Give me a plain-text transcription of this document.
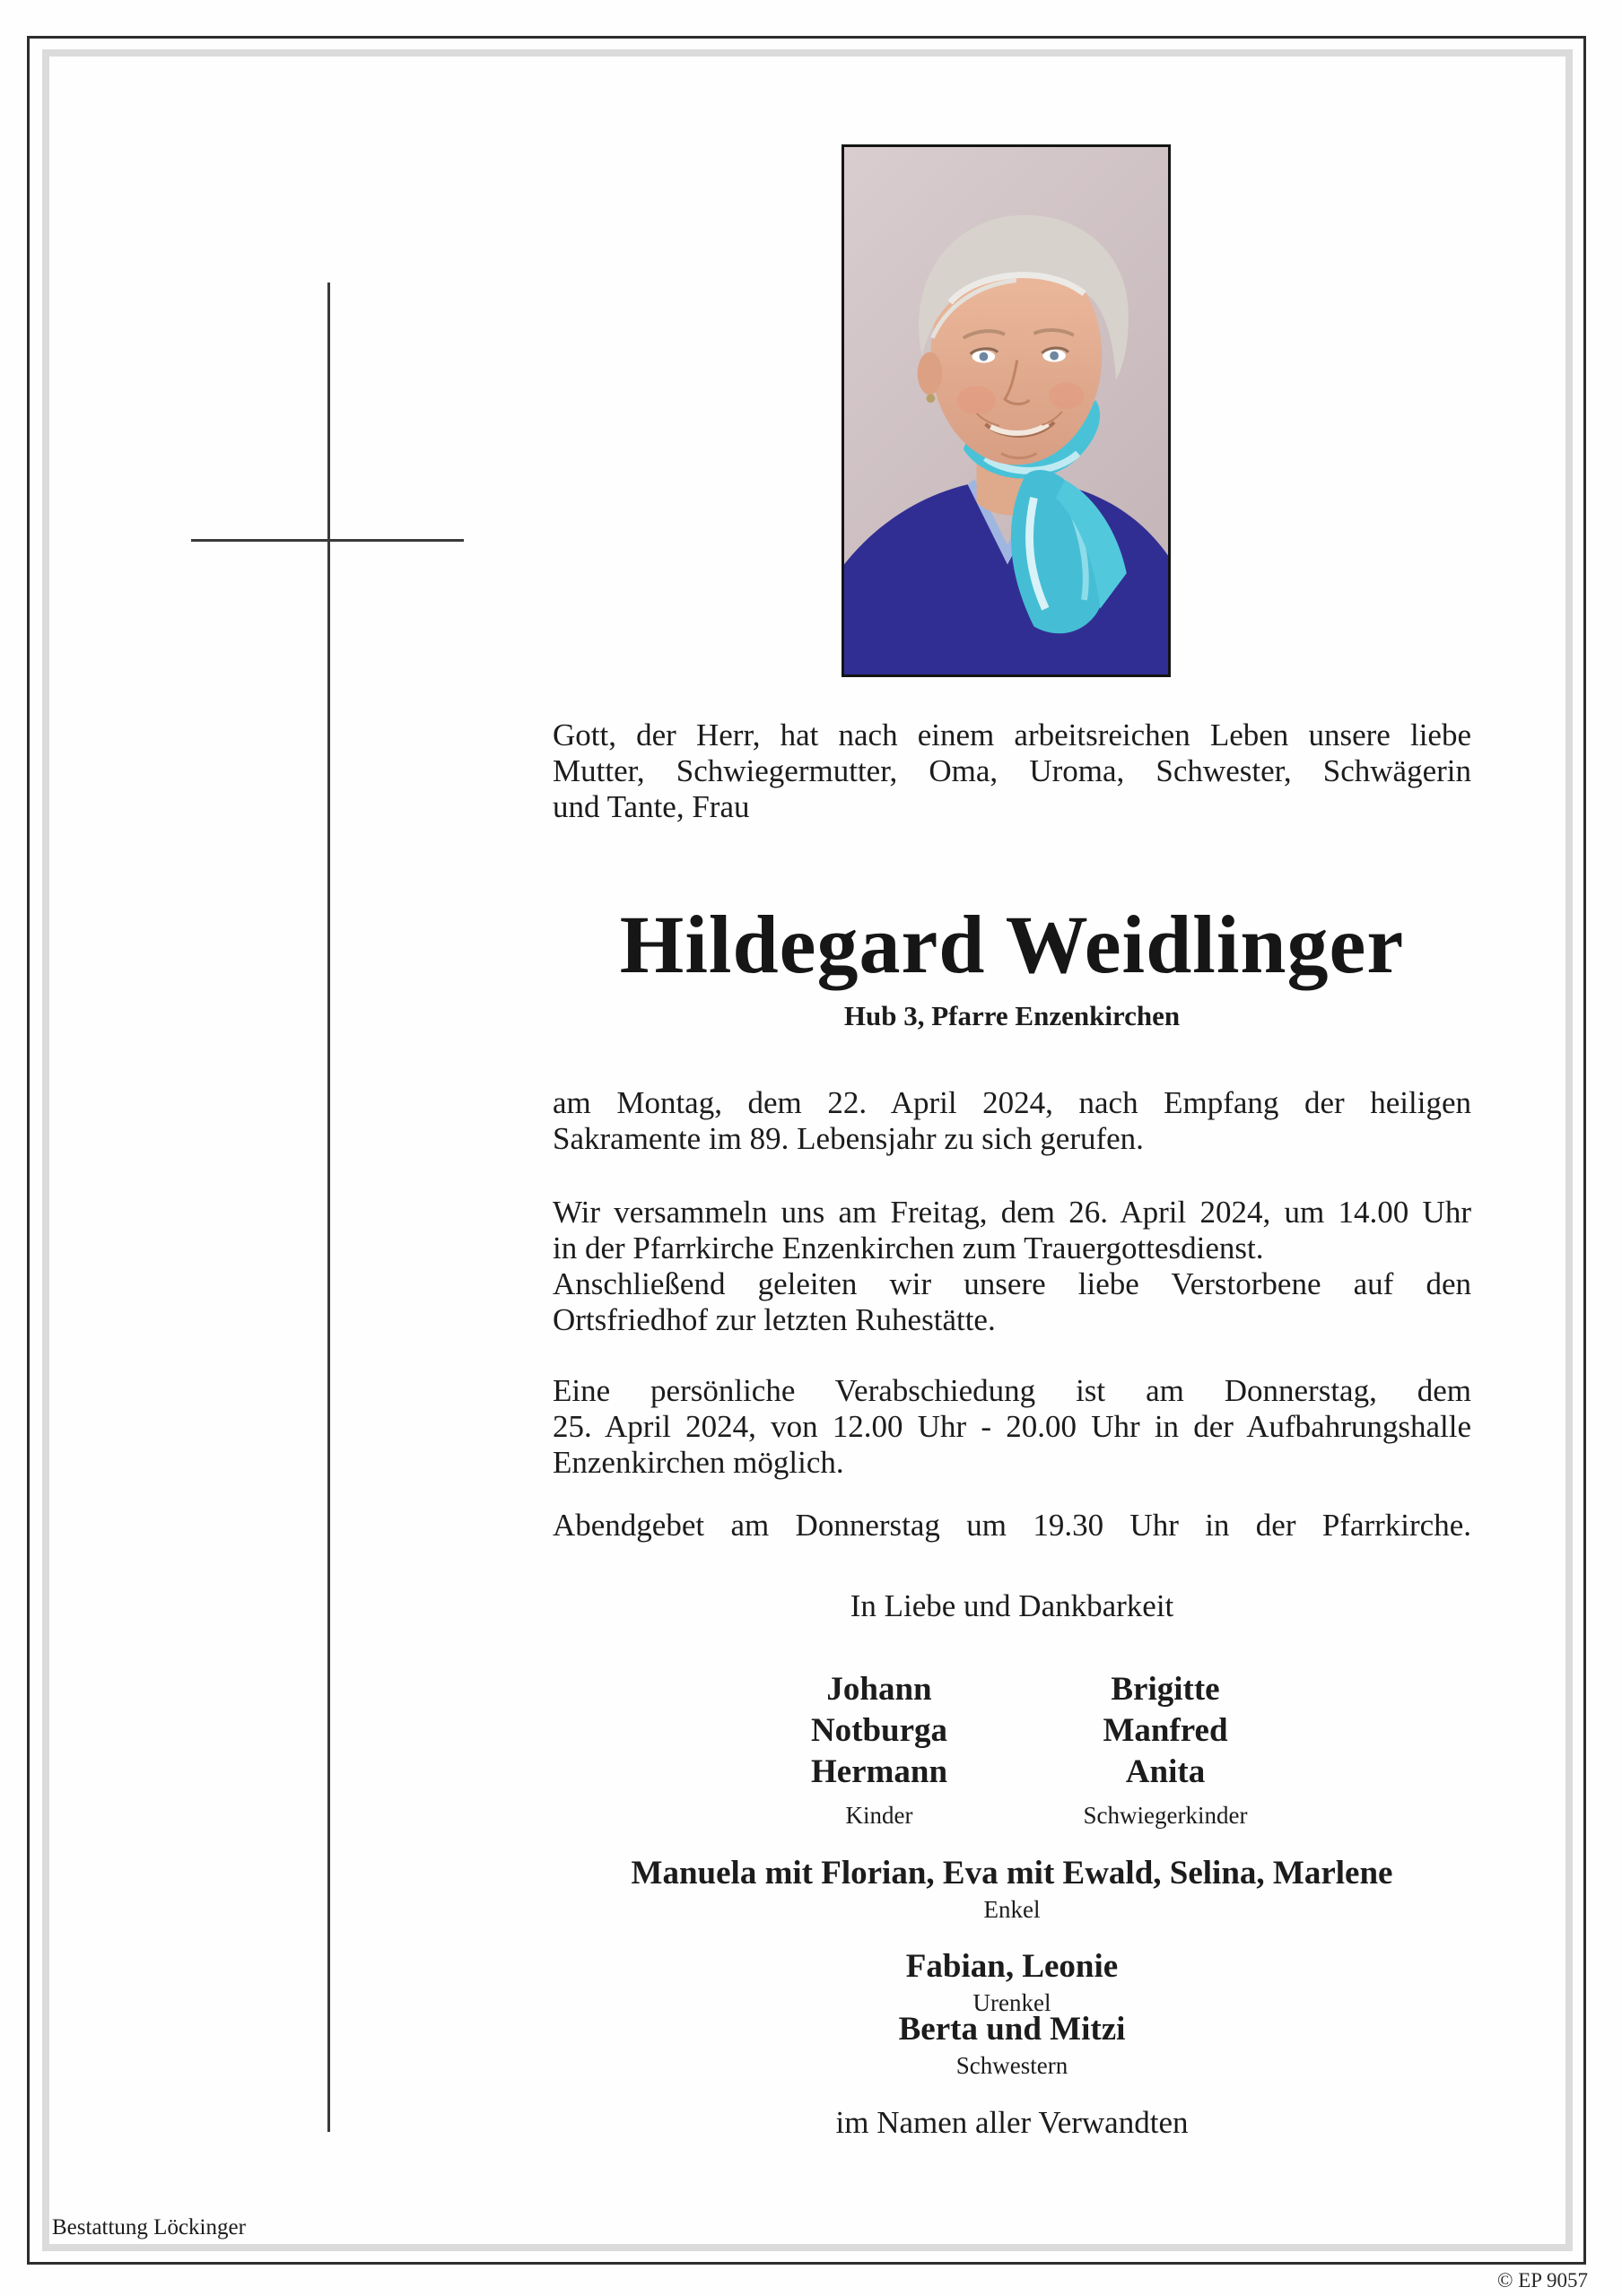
Gott, der Herr, hat nach einem arbeitsreichen Leben unsere liebe
Mutter, Schwiegermutter, Oma, Uroma, Schwester, Schwägerin
und Tante, Frau
Hildegard Weidlinger
Hub 3, Pfarre Enzenkirchen
am Montag, dem 22. April 2024, nach Empfang der heiligen
Sakramente im 89. Lebensjahr zu sich gerufen.
Wir versammeln uns am Freitag, dem 26. April 2024, um 14.00 Uhr
in der Pfarrkirche Enzenkirchen zum Trauergottesdienst.
Anschließend geleiten wir unsere liebe Verstorbene auf den
Ortsfriedhof zur letzten Ruhestätte.
Eine persönliche Verabschiedung ist am Donnerstag, dem
25. April 2024, von 12.00 Uhr - 20.00 Uhr in der Aufbahrungshalle
Enzenkirchen möglich.
Abendgebet am Donnerstag um 19.30 Uhr in der Pfarrkirche.
In Liebe und Dankbarkeit
Johann
Notburga
Hermann
Kinder
Brigitte
Manfred
Anita
Schwiegerkinder
Manuela mit Florian, Eva mit Ewald, Selina, Marlene
Enkel
Fabian, Leonie
Urenkel
Berta und Mitzi
Schwestern
im Namen aller Verwandten
Bestattung Löckinger
© EP 9057
